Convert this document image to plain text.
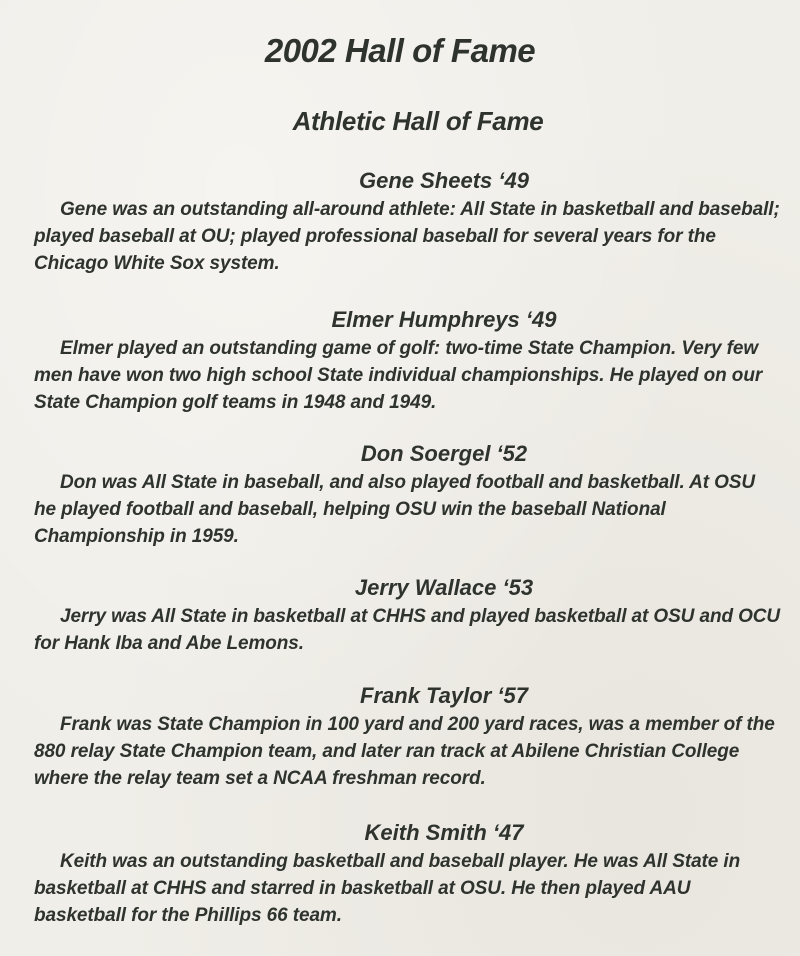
2002 Hall of Fame
Athletic Hall of Fame
Gene Sheets ‘49

Gene was an outstanding all-around athlete: All State in basketball and baseball; played baseball at OU; played professional baseball for several years for the Chicago White Sox system.

Elmer Humphreys ‘49

Elmer played an outstanding game of golf: two-time State Champion. Very few men have won two high school State individual championships. He played on our State Champion golf teams in 1948 and 1949.

Don Soergel ‘52

Don was All State in baseball, and also played football and basketball. At OSU he played football and baseball, helping OSU win the baseball National Championship in 1959.

Jerry Wallace ‘53

Jerry was All State in basketball at CHHS and played basketball at OSU and OCU for Hank Iba and Abe Lemons.

Frank Taylor ‘57

Frank was State Champion in 100 yard and 200 yard races, was a member of the 880 relay State Champion team, and later ran track at Abilene Christian College where the relay team set a NCAA freshman record.

Keith Smith ‘47

Keith was an outstanding basketball and baseball player. He was All State in basketball at CHHS and starred in basketball at OSU. He then played AAU basketball for the Phillips 66 team.
